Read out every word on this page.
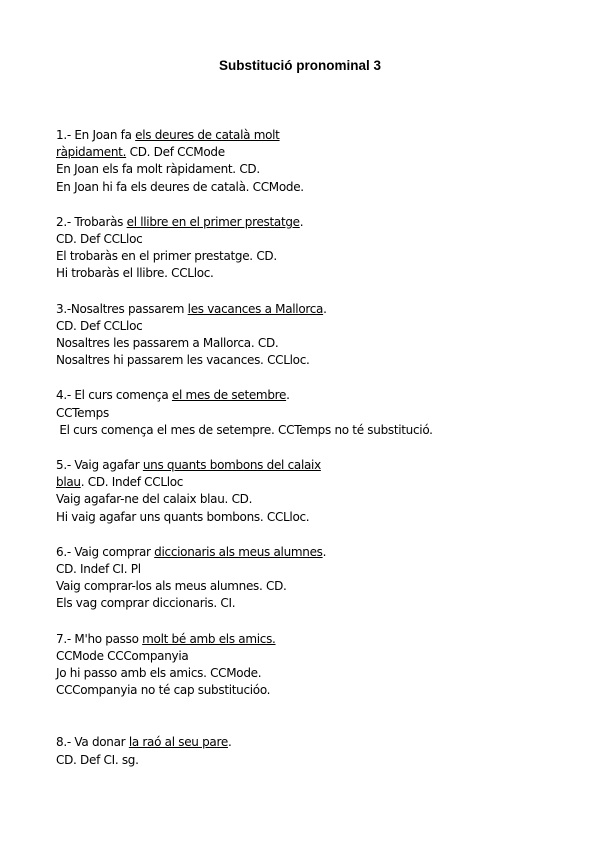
Substitució pronominal 3
1.- En Joan fa els deures de català molt
ràpidament. CD. Def CCMode
En Joan els fa molt ràpidament. CD.
En Joan hi fa els deures de català. CCMode.
2.- Trobaràs el llibre en el primer prestatge.
CD. Def CCLloc
El trobaràs en el primer prestatge. CD.
Hi trobaràs el llibre. CCLloc.
3.-Nosaltres passarem les vacances a Mallorca.
CD. Def CCLloc
Nosaltres les passarem a Mallorca. CD.
Nosaltres hi passarem les vacances. CCLloc.
4.- El curs comença el mes de setembre.
CCTemps
El curs comença el mes de setempre. CCTemps no té substitució.
5.- Vaig agafar uns quants bombons del calaix
blau. CD. Indef CCLloc
Vaig agafar-ne del calaix blau. CD.
Hi vaig agafar uns quants bombons. CCLloc.
6.- Vaig comprar diccionaris als meus alumnes.
CD. Indef CI. Pl
Vaig comprar-los als meus alumnes. CD.
Els vag comprar diccionaris. CI.
7.- M'ho passo molt bé amb els amics.
CCMode CCCompanyia
Jo hi passo amb els amics. CCMode.
CCCompanyia no té cap substitucióo.
8.- Va donar la raó al seu pare.
CD. Def CI. sg.
